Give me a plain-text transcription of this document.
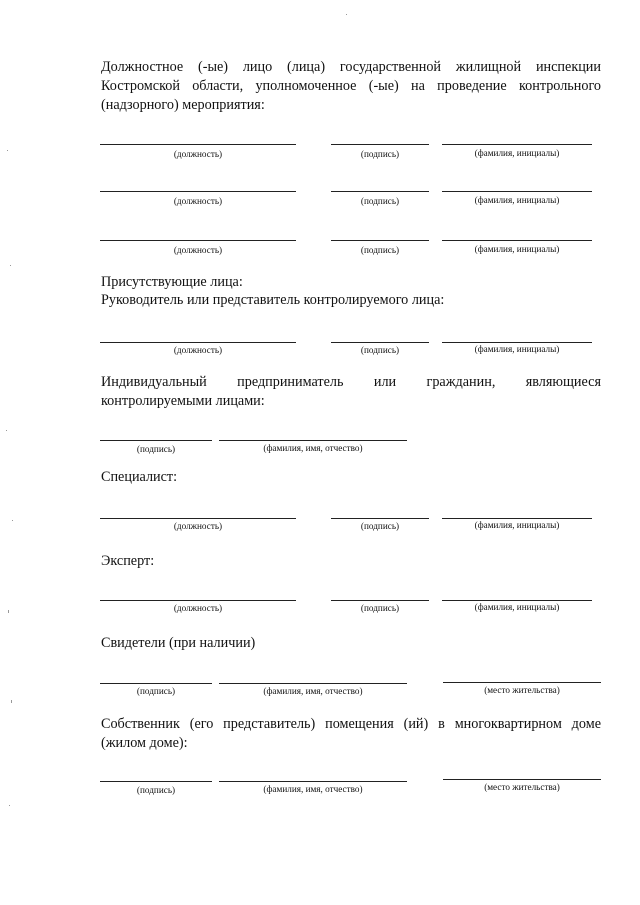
Должностное (-ые) лицо (лица) государственной жилищной инспекции Костромской области, уполномоченное (-ые) на проведение контрольного (надзорного) мероприятия:
(должность)	(подпись)	(фамилия, инициалы)
(должность)	(подпись)	(фамилия, инициалы)
(должность)	(подпись)	(фамилия, инициалы)
Присутствующие лица:
Руководитель или представитель контролируемого лица:
(должность)	(подпись)	(фамилия, инициалы)
Индивидуальный предприниматель или гражданин, являющиеся контролируемыми лицами:
(подпись)	(фамилия, имя, отчество)
Специалист:
(должность)	(подпись)	(фамилия, инициалы)
Эксперт:
(должность)	(подпись)	(фамилия, инициалы)
Свидетели (при наличии)
(подпись)	(фамилия, имя, отчество)	(место жительства)
Собственник (его представитель) помещения (ий) в многоквартирном доме (жилом доме):
(подпись)	(фамилия, имя, отчество)	(место жительства)
